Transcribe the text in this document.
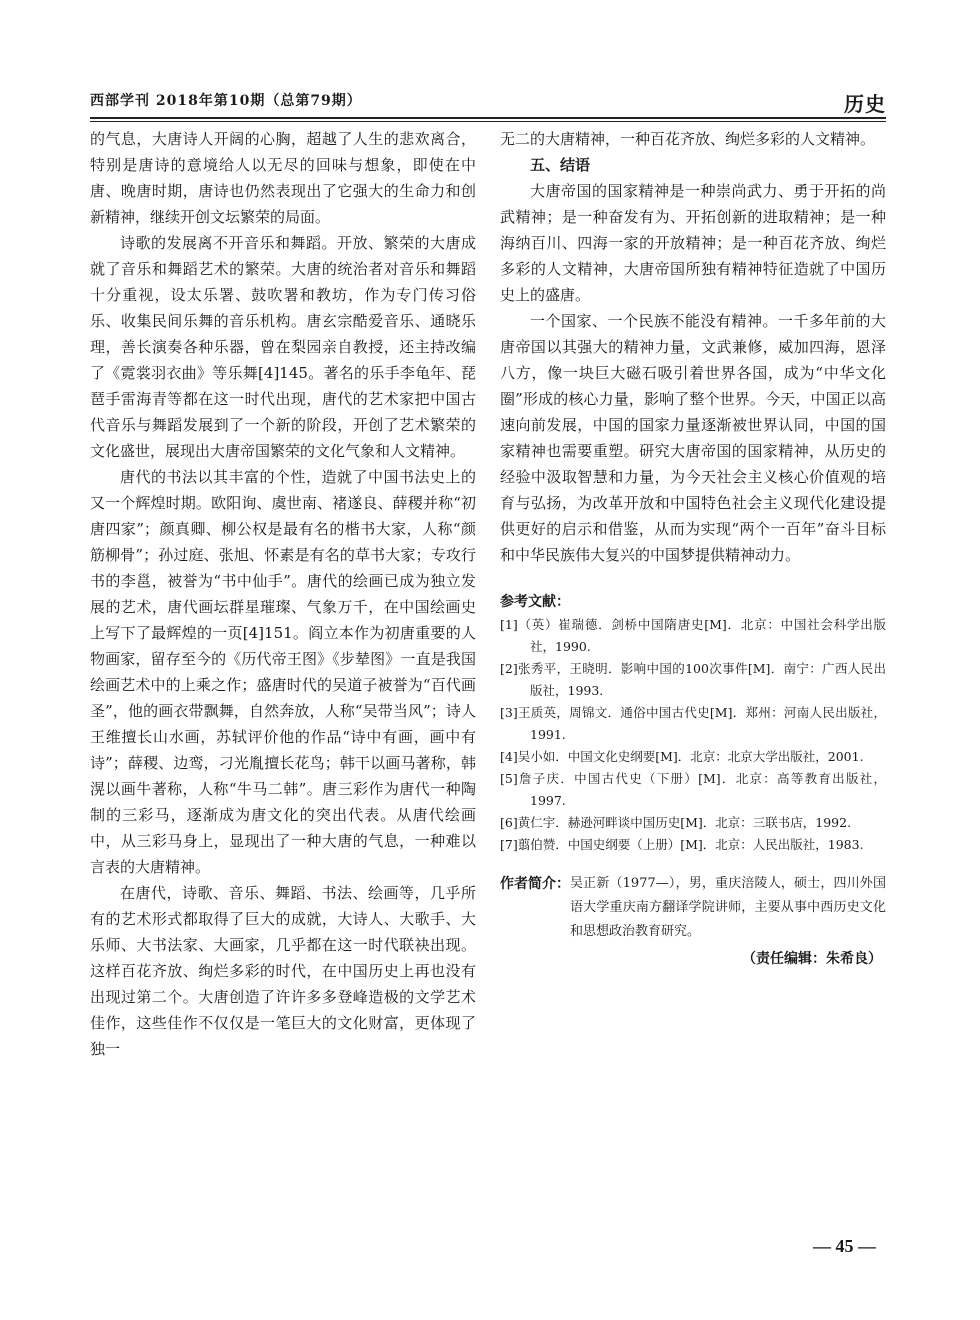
西部学刊 2018年第10期（总第79期）	历史

的气息，大唐诗人开阔的心胸，超越了人生的悲欢离合，特别是唐诗的意境给人以无尽的回味与想象，即使在中唐、晚唐时期，唐诗也仍然表现出了它强大的生命力和创新精神，继续开创文坛繁荣的局面。

诗歌的发展离不开音乐和舞蹈。开放、繁荣的大唐成就了音乐和舞蹈艺术的繁荣。大唐的统治者对音乐和舞蹈十分重视，设太乐署、鼓吹署和教坊，作为专门传习俗乐、收集民间乐舞的音乐机构。唐玄宗酷爱音乐、通晓乐理，善长演奏各种乐器，曾在梨园亲自教授，还主持改编了《霓裳羽衣曲》等乐舞[4]145。著名的乐手李龟年、琵琶手雷海青等都在这一时代出现，唐代的艺术家把中国古代音乐与舞蹈发展到了一个新的阶段，开创了艺术繁荣的文化盛世，展现出大唐帝国繁荣的文化气象和人文精神。

唐代的书法以其丰富的个性，造就了中国书法史上的又一个辉煌时期。欧阳询、虞世南、褚遂良、薛稷并称“初唐四家”；颜真卿、柳公权是最有名的楷书大家，人称“颜筋柳骨”；孙过庭、张旭、怀素是有名的草书大家；专攻行书的李邕，被誉为“书中仙手”。唐代的绘画已成为独立发展的艺术，唐代画坛群星璀璨、气象万千，在中国绘画史上写下了最辉煌的一页[4]151。阎立本作为初唐重要的人物画家，留存至今的《历代帝王图》《步辇图》一直是我国绘画艺术中的上乘之作；盛唐时代的吴道子被誉为“百代画圣”，他的画衣带飘舞，自然奔放，人称“吴带当风”；诗人王维擅长山水画，苏轼评价他的作品“诗中有画，画中有诗”；薛稷、边鸾，刁光胤擅长花鸟；韩干以画马著称，韩滉以画牛著称，人称“牛马二韩”。唐三彩作为唐代一种陶制的三彩马，逐渐成为唐文化的突出代表。从唐代绘画中，从三彩马身上，显现出了一种大唐的气息，一种难以言表的大唐精神。

在唐代，诗歌、音乐、舞蹈、书法、绘画等，几乎所有的艺术形式都取得了巨大的成就，大诗人、大歌手、大乐师、大书法家、大画家，几乎都在这一时代联袂出现。这样百花齐放、绚烂多彩的时代，在中国历史上再也没有出现过第二个。大唐创造了许许多多登峰造极的文学艺术佳作，这些佳作不仅仅是一笔巨大的文化财富，更体现了独一

无二的大唐精神，一种百花齐放、绚烂多彩的人文精神。

五、结语

大唐帝国的国家精神是一种崇尚武力、勇于开拓的尚武精神；是一种奋发有为、开拓创新的进取精神；是一种海纳百川、四海一家的开放精神；是一种百花齐放、绚烂多彩的人文精神，大唐帝国所独有精神特征造就了中国历史上的盛唐。

一个国家、一个民族不能没有精神。一千多年前的大唐帝国以其强大的精神力量，文武兼修，威加四海，恩泽八方，像一块巨大磁石吸引着世界各国，成为“中华文化圈”形成的核心力量，影响了整个世界。今天，中国正以高速向前发展，中国的国家力量逐渐被世界认同，中国的国家精神也需要重塑。研究大唐帝国的国家精神，从历史的经验中汲取智慧和力量，为今天社会主义核心价值观的培育与弘扬，为改革开放和中国特色社会主义现代化建设提供更好的启示和借鉴，从而为实现“两个一百年”奋斗目标和中华民族伟大复兴的中国梦提供精神动力。

参考文献：
[1]（英）崔瑞德．剑桥中国隋唐史[M]．北京：中国社会科学出版社，1990.
[2]张秀平，王晓明．影响中国的100次事件[M]．南宁：广西人民出版社，1993.
[3]王质英，周锦文．通俗中国古代史[M]．郑州：河南人民出版社，1991.
[4]吴小如．中国文化史纲要[M]．北京：北京大学出版社，2001.
[5]詹子庆．中国古代史（下册）[M]．北京：高等教育出版社，1997.
[6]黄仁宇．赫逊河畔谈中国历史[M]．北京：三联书店，1992.
[7]翦伯赞．中国史纲要（上册）[M]．北京：人民出版社，1983.
作者简介： 吴正新（1977—），男，重庆涪陵人，硕士，四川外国语大学重庆南方翻译学院讲师，主要从事中西历史文化和思想政治教育研究。
（责任编辑：朱希良）
— 45 —
